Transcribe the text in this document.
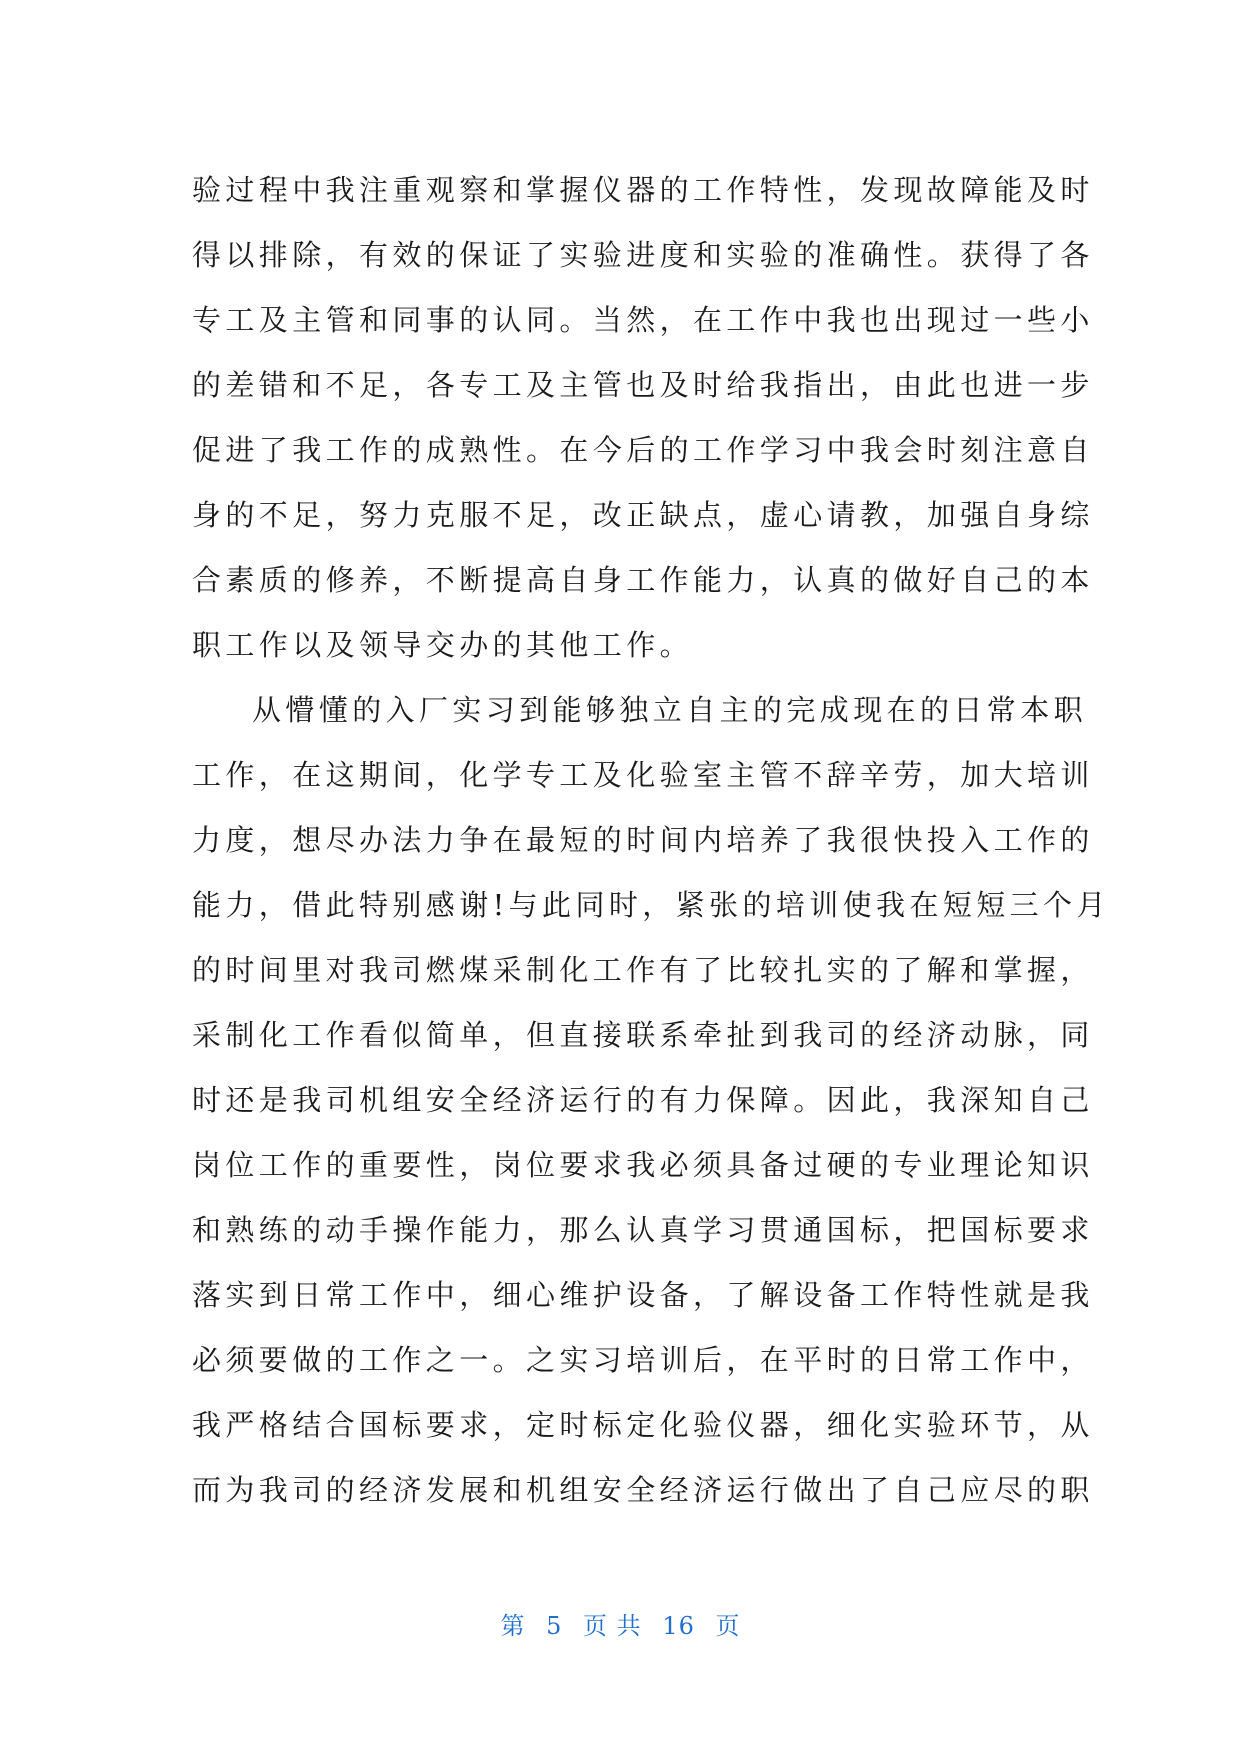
验过程中我注重观察和掌握仪器的工作特性，发现故障能及时
得以排除，有效的保证了实验进度和实验的准确性。获得了各
专工及主管和同事的认同。当然，在工作中我也出现过一些小
的差错和不足，各专工及主管也及时给我指出，由此也进一步
促进了我工作的成熟性。在今后的工作学习中我会时刻注意自
身的不足，努力克服不足，改正缺点，虚心请教，加强自身综
合素质的修养，不断提高自身工作能力，认真的做好自己的本
职工作以及领导交办的其他工作。
从懵懂的入厂实习到能够独立自主的完成现在的日常本职
工作，在这期间，化学专工及化验室主管不辞辛劳，加大培训
力度，想尽办法力争在最短的时间内培养了我很快投入工作的
能力，借此特别感谢!与此同时，紧张的培训使我在短短三个月
的时间里对我司燃煤采制化工作有了比较扎实的了解和掌握，
采制化工作看似简单，但直接联系牵扯到我司的经济动脉，同
时还是我司机组安全经济运行的有力保障。因此，我深知自己
岗位工作的重要性，岗位要求我必须具备过硬的专业理论知识
和熟练的动手操作能力，那么认真学习贯通国标，把国标要求
落实到日常工作中，细心维护设备，了解设备工作特性就是我
必须要做的工作之一。之实习培训后，在平时的日常工作中，
我严格结合国标要求，定时标定化验仪器，细化实验环节，从
而为我司的经济发展和机组安全经济运行做出了自己应尽的职
第 5 页 共 16 页
